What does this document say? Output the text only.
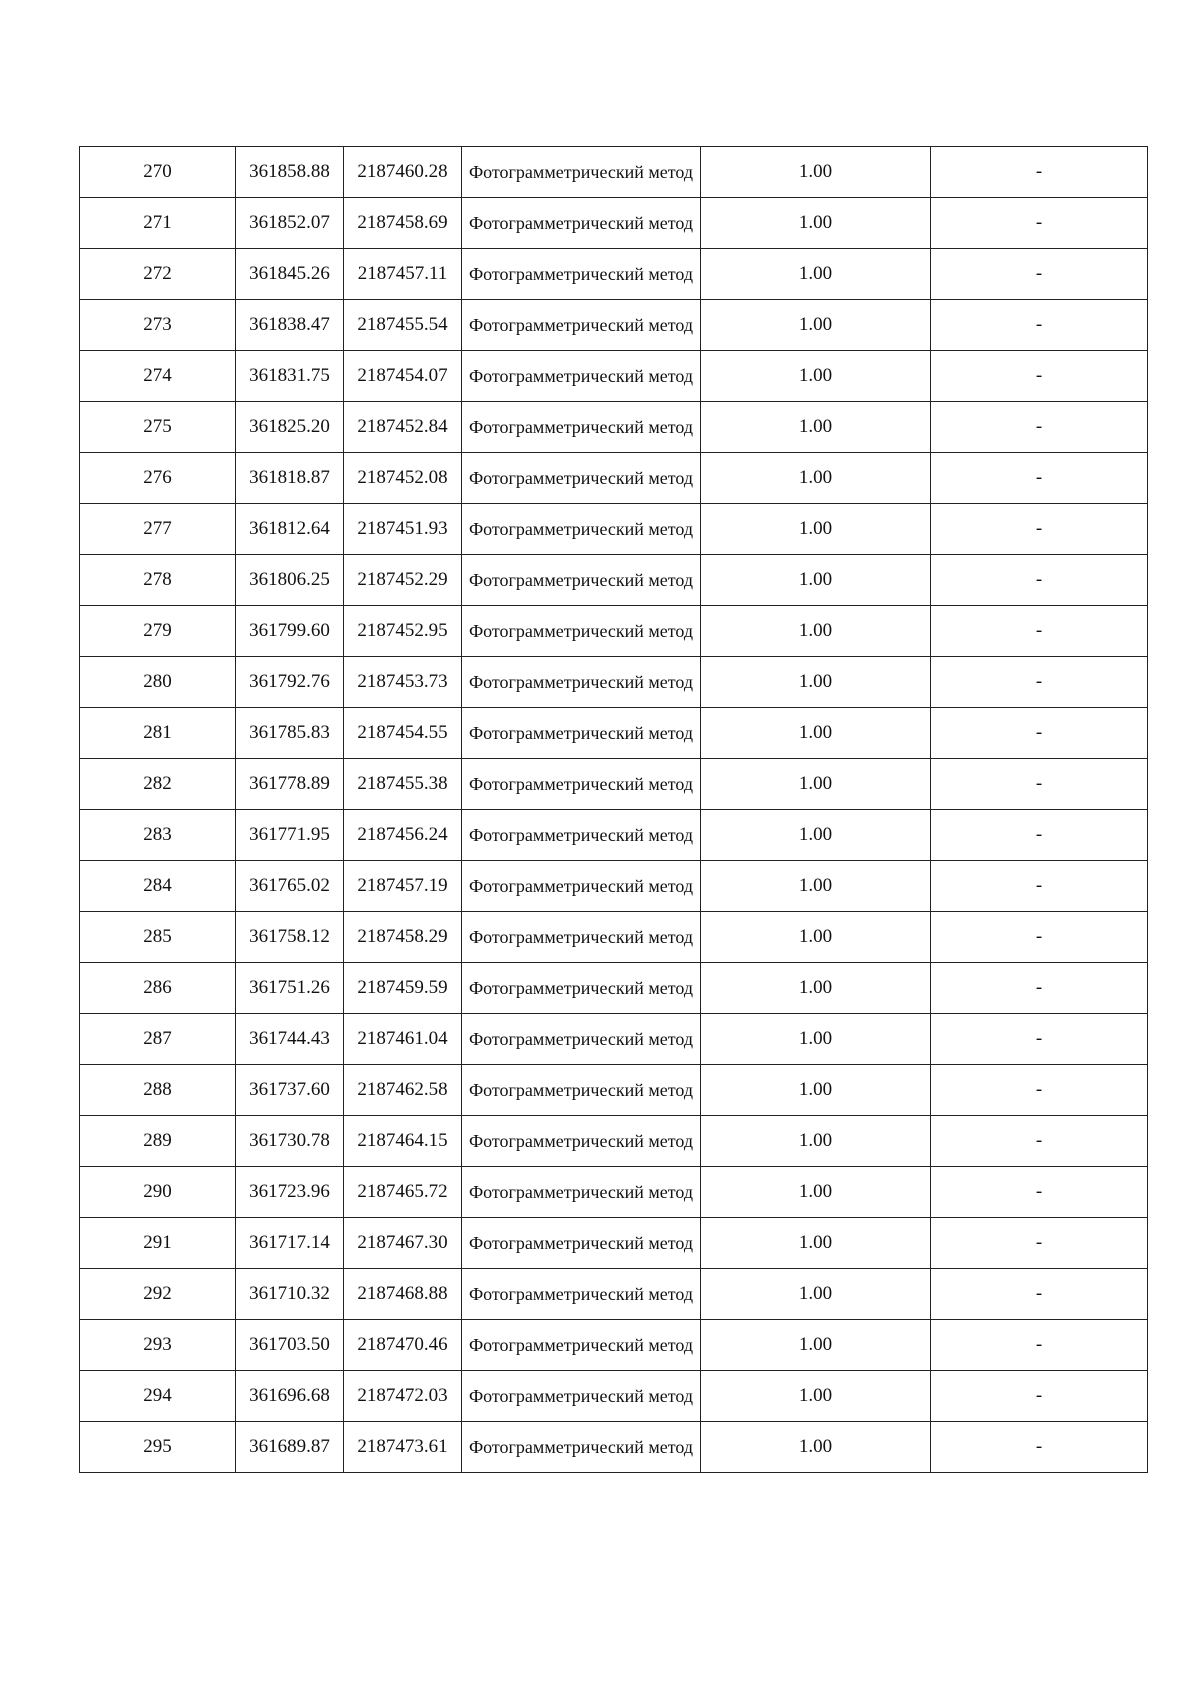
270	361858.88	2187460.28	Фотограмметрический метод	1.00	-
271	361852.07	2187458.69	Фотограмметрический метод	1.00	-
272	361845.26	2187457.11	Фотограмметрический метод	1.00	-
273	361838.47	2187455.54	Фотограмметрический метод	1.00	-
274	361831.75	2187454.07	Фотограмметрический метод	1.00	-
275	361825.20	2187452.84	Фотограмметрический метод	1.00	-
276	361818.87	2187452.08	Фотограмметрический метод	1.00	-
277	361812.64	2187451.93	Фотограмметрический метод	1.00	-
278	361806.25	2187452.29	Фотограмметрический метод	1.00	-
279	361799.60	2187452.95	Фотограмметрический метод	1.00	-
280	361792.76	2187453.73	Фотограмметрический метод	1.00	-
281	361785.83	2187454.55	Фотограмметрический метод	1.00	-
282	361778.89	2187455.38	Фотограмметрический метод	1.00	-
283	361771.95	2187456.24	Фотограмметрический метод	1.00	-
284	361765.02	2187457.19	Фотограмметрический метод	1.00	-
285	361758.12	2187458.29	Фотограмметрический метод	1.00	-
286	361751.26	2187459.59	Фотограмметрический метод	1.00	-
287	361744.43	2187461.04	Фотограмметрический метод	1.00	-
288	361737.60	2187462.58	Фотограмметрический метод	1.00	-
289	361730.78	2187464.15	Фотограмметрический метод	1.00	-
290	361723.96	2187465.72	Фотограмметрический метод	1.00	-
291	361717.14	2187467.30	Фотограмметрический метод	1.00	-
292	361710.32	2187468.88	Фотограмметрический метод	1.00	-
293	361703.50	2187470.46	Фотограмметрический метод	1.00	-
294	361696.68	2187472.03	Фотограмметрический метод	1.00	-
295	361689.87	2187473.61	Фотограмметрический метод	1.00	-
